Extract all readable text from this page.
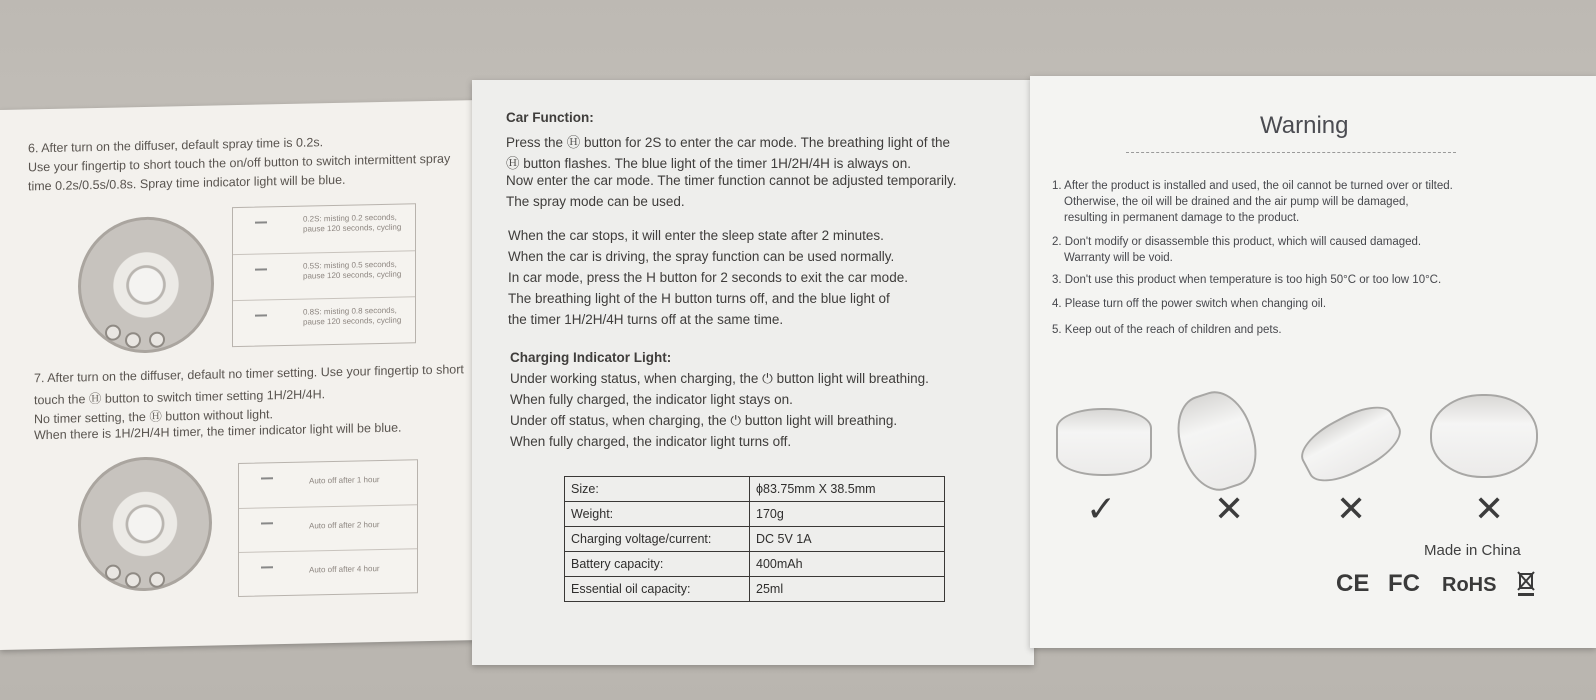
6. After turn on the diffuser, default spray time is 0.2s.
Use your fingertip to short touch the on/off button to switch intermittent spray
time 0.2s/0.5s/0.8s. Spray time indicator light will be blue.
0.2S: misting 0.2 seconds,
pause 120 seconds, cycling
0.5S: misting 0.5 seconds,
pause 120 seconds, cycling
0.8S: misting 0.8 seconds,
pause 120 seconds, cycling
7. After turn on the diffuser, default no timer setting. Use your fingertip to short
touch the Ⓗ button to switch timer setting 1H/2H/4H.
No timer setting, the Ⓗ button without light.
When there is 1H/2H/4H timer, the timer indicator light will be blue.
Auto off after 1 hour
Auto off after 2 hour
Auto off after 4 hour
Car Function:
Press the Ⓗ button for 2S to enter the car mode. The breathing light of the
Ⓗ button flashes. The blue light of the timer 1H/2H/4H is always on.
Now enter the car mode. The timer function cannot be adjusted temporarily.
The spray mode can be used.
When the car stops, it will enter the sleep state after 2 minutes.
When the car is driving, the spray function can be used normally.
In car mode, press the H button for 2 seconds to exit the car mode.
The breathing light of the H button turns off, and the blue light of
the timer 1H/2H/4H turns off at the same time.
Charging Indicator Light:
Under working status, when charging, the ⏻ button light will breathing.
When fully charged, the indicator light stays on.
Under off status, when charging, the ⏻ button light will breathing.
When fully charged, the indicator light turns off.
Size:	ϕ83.75mm X 38.5mm
Weight:	170g
Charging voltage/current:	DC 5V 1A
Battery capacity:	400mAh
Essential oil capacity:	25ml
Warning
1. After the product is installed and used, the oil cannot be turned over or tilted.
Otherwise, the oil will be drained and the air pump will be damaged,
resulting in permanent damage to the product.
2. Don't modify or disassemble this product, which will caused damaged.
Warranty will be void.
3. Don't use this product when temperature is too high 50°C or too low 10°C.
4. Please turn off the power switch when changing oil.
5. Keep out of the reach of children and pets.
✓	✕	✕	✕
Made in China
CE FC RoHS
